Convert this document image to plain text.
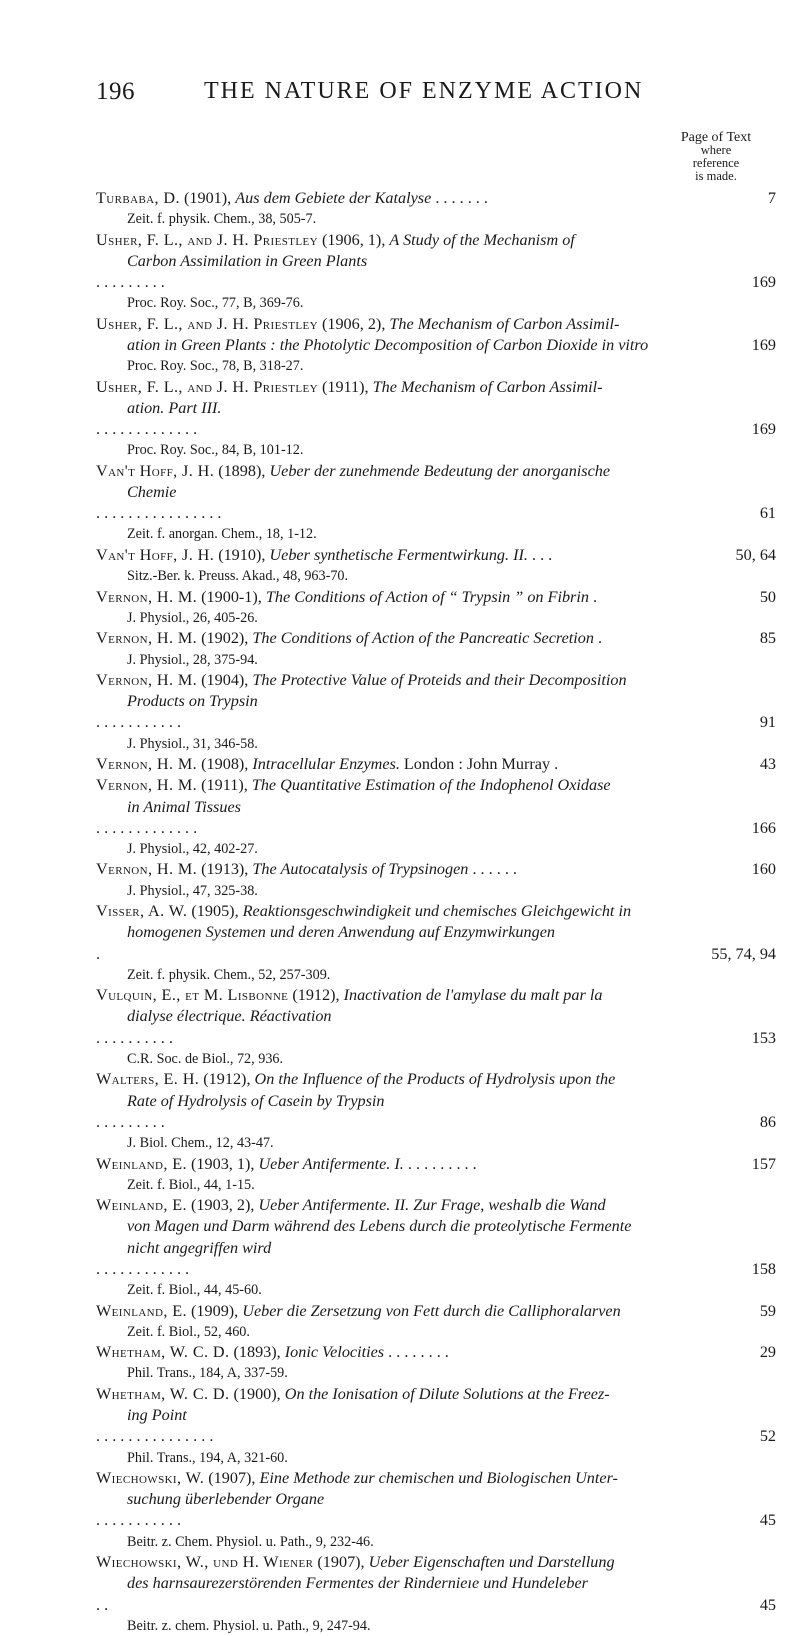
196	THE NATURE OF ENZYME ACTION
Page of Text
where
reference
is made.
Turbaba, D. (1901), Aus dem Gebiete der Katalyse . . . . . . .	7
Zeit. f. physik. Chem., 38, 505-7.
Usher, F. L., and J. H. Priestley (1906, 1), A Study of the Mechanism of
Carbon Assimilation in Green Plants
. . . . . . . . .	169
Proc. Roy. Soc., 77, B, 369-76.
Usher, F. L., and J. H. Priestley (1906, 2), The Mechanism of Carbon Assimil-
ation in Green Plants : the Photolytic Decomposition of Carbon Dioxide in vitro	169
Proc. Roy. Soc., 78, B, 318-27.
Usher, F. L., and J. H. Priestley (1911), The Mechanism of Carbon Assimil-
ation. Part III.
. . . . . . . . . . . . .	169
Proc. Roy. Soc., 84, B, 101-12.
Van't Hoff, J. H. (1898), Ueber der zunehmende Bedeutung der anorganische
Chemie
. . . . . . . . . . . . . . . .	61
Zeit. f. anorgan. Chem., 18, 1-12.
Van't Hoff, J. H. (1910), Ueber synthetische Fermentwirkung. II. . . .	50, 64
Sitz.-Ber. k. Preuss. Akad., 48, 963-70.
Vernon, H. M. (1900-1), The Conditions of Action of “ Trypsin ” on Fibrin .	50
J. Physiol., 26, 405-26.
Vernon, H. M. (1902), The Conditions of Action of the Pancreatic Secretion .	85
J. Physiol., 28, 375-94.
Vernon, H. M. (1904), The Protective Value of Proteids and their Decomposition
Products on Trypsin
. . . . . . . . . . .	91
J. Physiol., 31, 346-58.
Vernon, H. M. (1908), Intracellular Enzymes. London : John Murray .	43
Vernon, H. M. (1911), The Quantitative Estimation of the Indophenol Oxidase
in Animal Tissues
. . . . . . . . . . . . .	166
J. Physiol., 42, 402-27.
Vernon, H. M. (1913), The Autocatalysis of Trypsinogen . . . . . .	160
J. Physiol., 47, 325-38.
Visser, A. W. (1905), Reaktionsgeschwindigkeit und chemisches Gleichgewicht in
homogenen Systemen und deren Anwendung auf Enzymwirkungen
.	55, 74, 94
Zeit. f. physik. Chem., 52, 257-309.
Vulquin, E., et M. Lisbonne (1912), Inactivation de l'amylase du malt par la
dialyse électrique. Réactivation
. . . . . . . . . .	153
C.R. Soc. de Biol., 72, 936.
Walters, E. H. (1912), On the Influence of the Products of Hydrolysis upon the
Rate of Hydrolysis of Casein by Trypsin
. . . . . . . . .	86
J. Biol. Chem., 12, 43-47.
Weinland, E. (1903, 1), Ueber Antifermente. I. . . . . . . . . .	157
Zeit. f. Biol., 44, 1-15.
Weinland, E. (1903, 2), Ueber Antifermente. II. Zur Frage, weshalb die Wand
von Magen und Darm während des Lebens durch die proteolytische Fermente
nicht angegriffen wird
. . . . . . . . . . . .	158
Zeit. f. Biol., 44, 45-60.
Weinland, E. (1909), Ueber die Zersetzung von Fett durch die Calliphoralarven	59
Zeit. f. Biol., 52, 460.
Whetham, W. C. D. (1893), Ionic Velocities . . . . . . . .	29
Phil. Trans., 184, A, 337-59.
Whetham, W. C. D. (1900), On the Ionisation of Dilute Solutions at the Freez-
ing Point
. . . . . . . . . . . . . . .	52
Phil. Trans., 194, A, 321-60.
Wiechowski, W. (1907), Eine Methode zur chemischen und Biologischen Unter-
suchung überlebender Organe
. . . . . . . . . . .	45
Beitr. z. Chem. Physiol. u. Path., 9, 232-46.
Wiechowski, W., und H. Wiener (1907), Ueber Eigenschaften und Darstellung
des harnsaurezerstörenden Fermentes der Rindernieıe und Hundeleber
. .	45
Beitr. z. chem. Physiol. u. Path., 9, 247-94.
